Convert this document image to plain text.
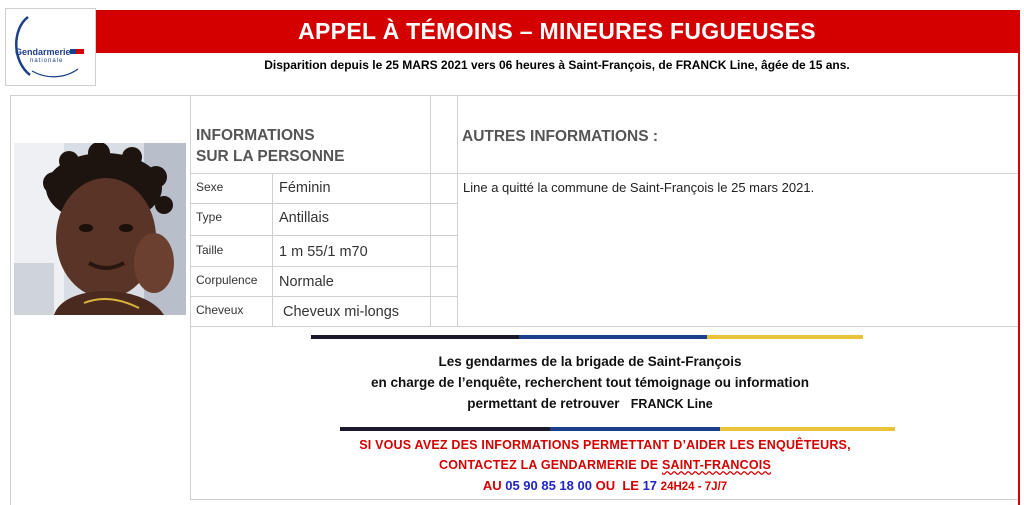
Gendarmerie
nationale
APPEL À TÉMOINS – MINEURES FUGUEUSES
Disparition depuis le 25 MARS 2021 vers 06 heures à Saint-François, de FRANCK Line, âgée de 15 ans.
INFORMATIONS
SUR LA PERSONNE
Sexe	Féminin
Type	Antillais
Taille	1 m 55/1 m70
Corpulence Normale
Cheveux	Cheveux mi-longs
AUTRES INFORMATIONS :
Line a quitté la commune de Saint-François le 25 mars 2021.
Les gendarmes de la brigade de Saint-François
en charge de l’enquête, recherchent tout témoignage ou information
permettant de retrouver FRANCK Line
SI VOUS AVEZ DES INFORMATIONS PERMETTANT D’AIDER LES ENQUÊTEURS,
CONTACTEZ LA GENDARMERIE DE SAINT-FRANCOIS
AU 05 90 85 18 00 OU LE 17 24H24 - 7J/7
